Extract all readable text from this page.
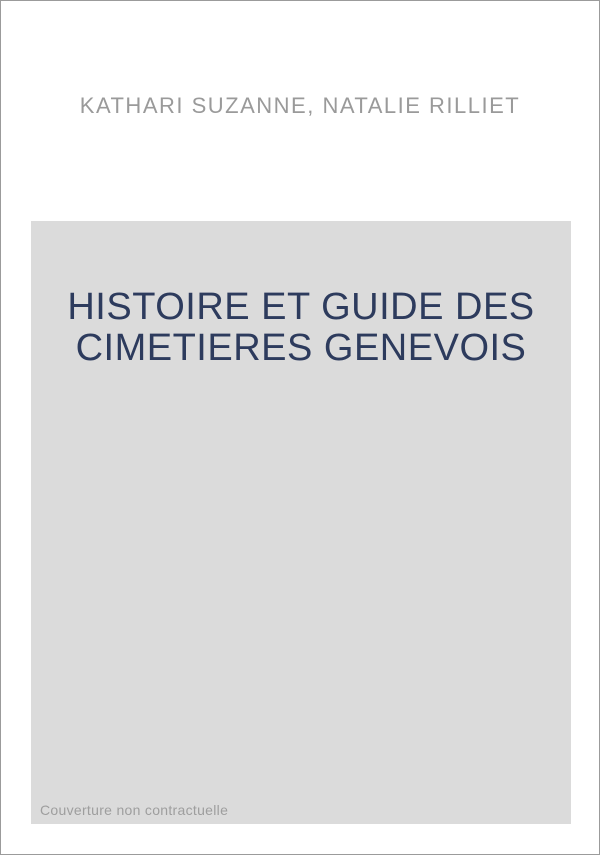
KATHARI SUZANNE, NATALIE RILLIET
HISTOIRE ET GUIDE DES
CIMETIERES GENEVOIS
Couverture non contractuelle
